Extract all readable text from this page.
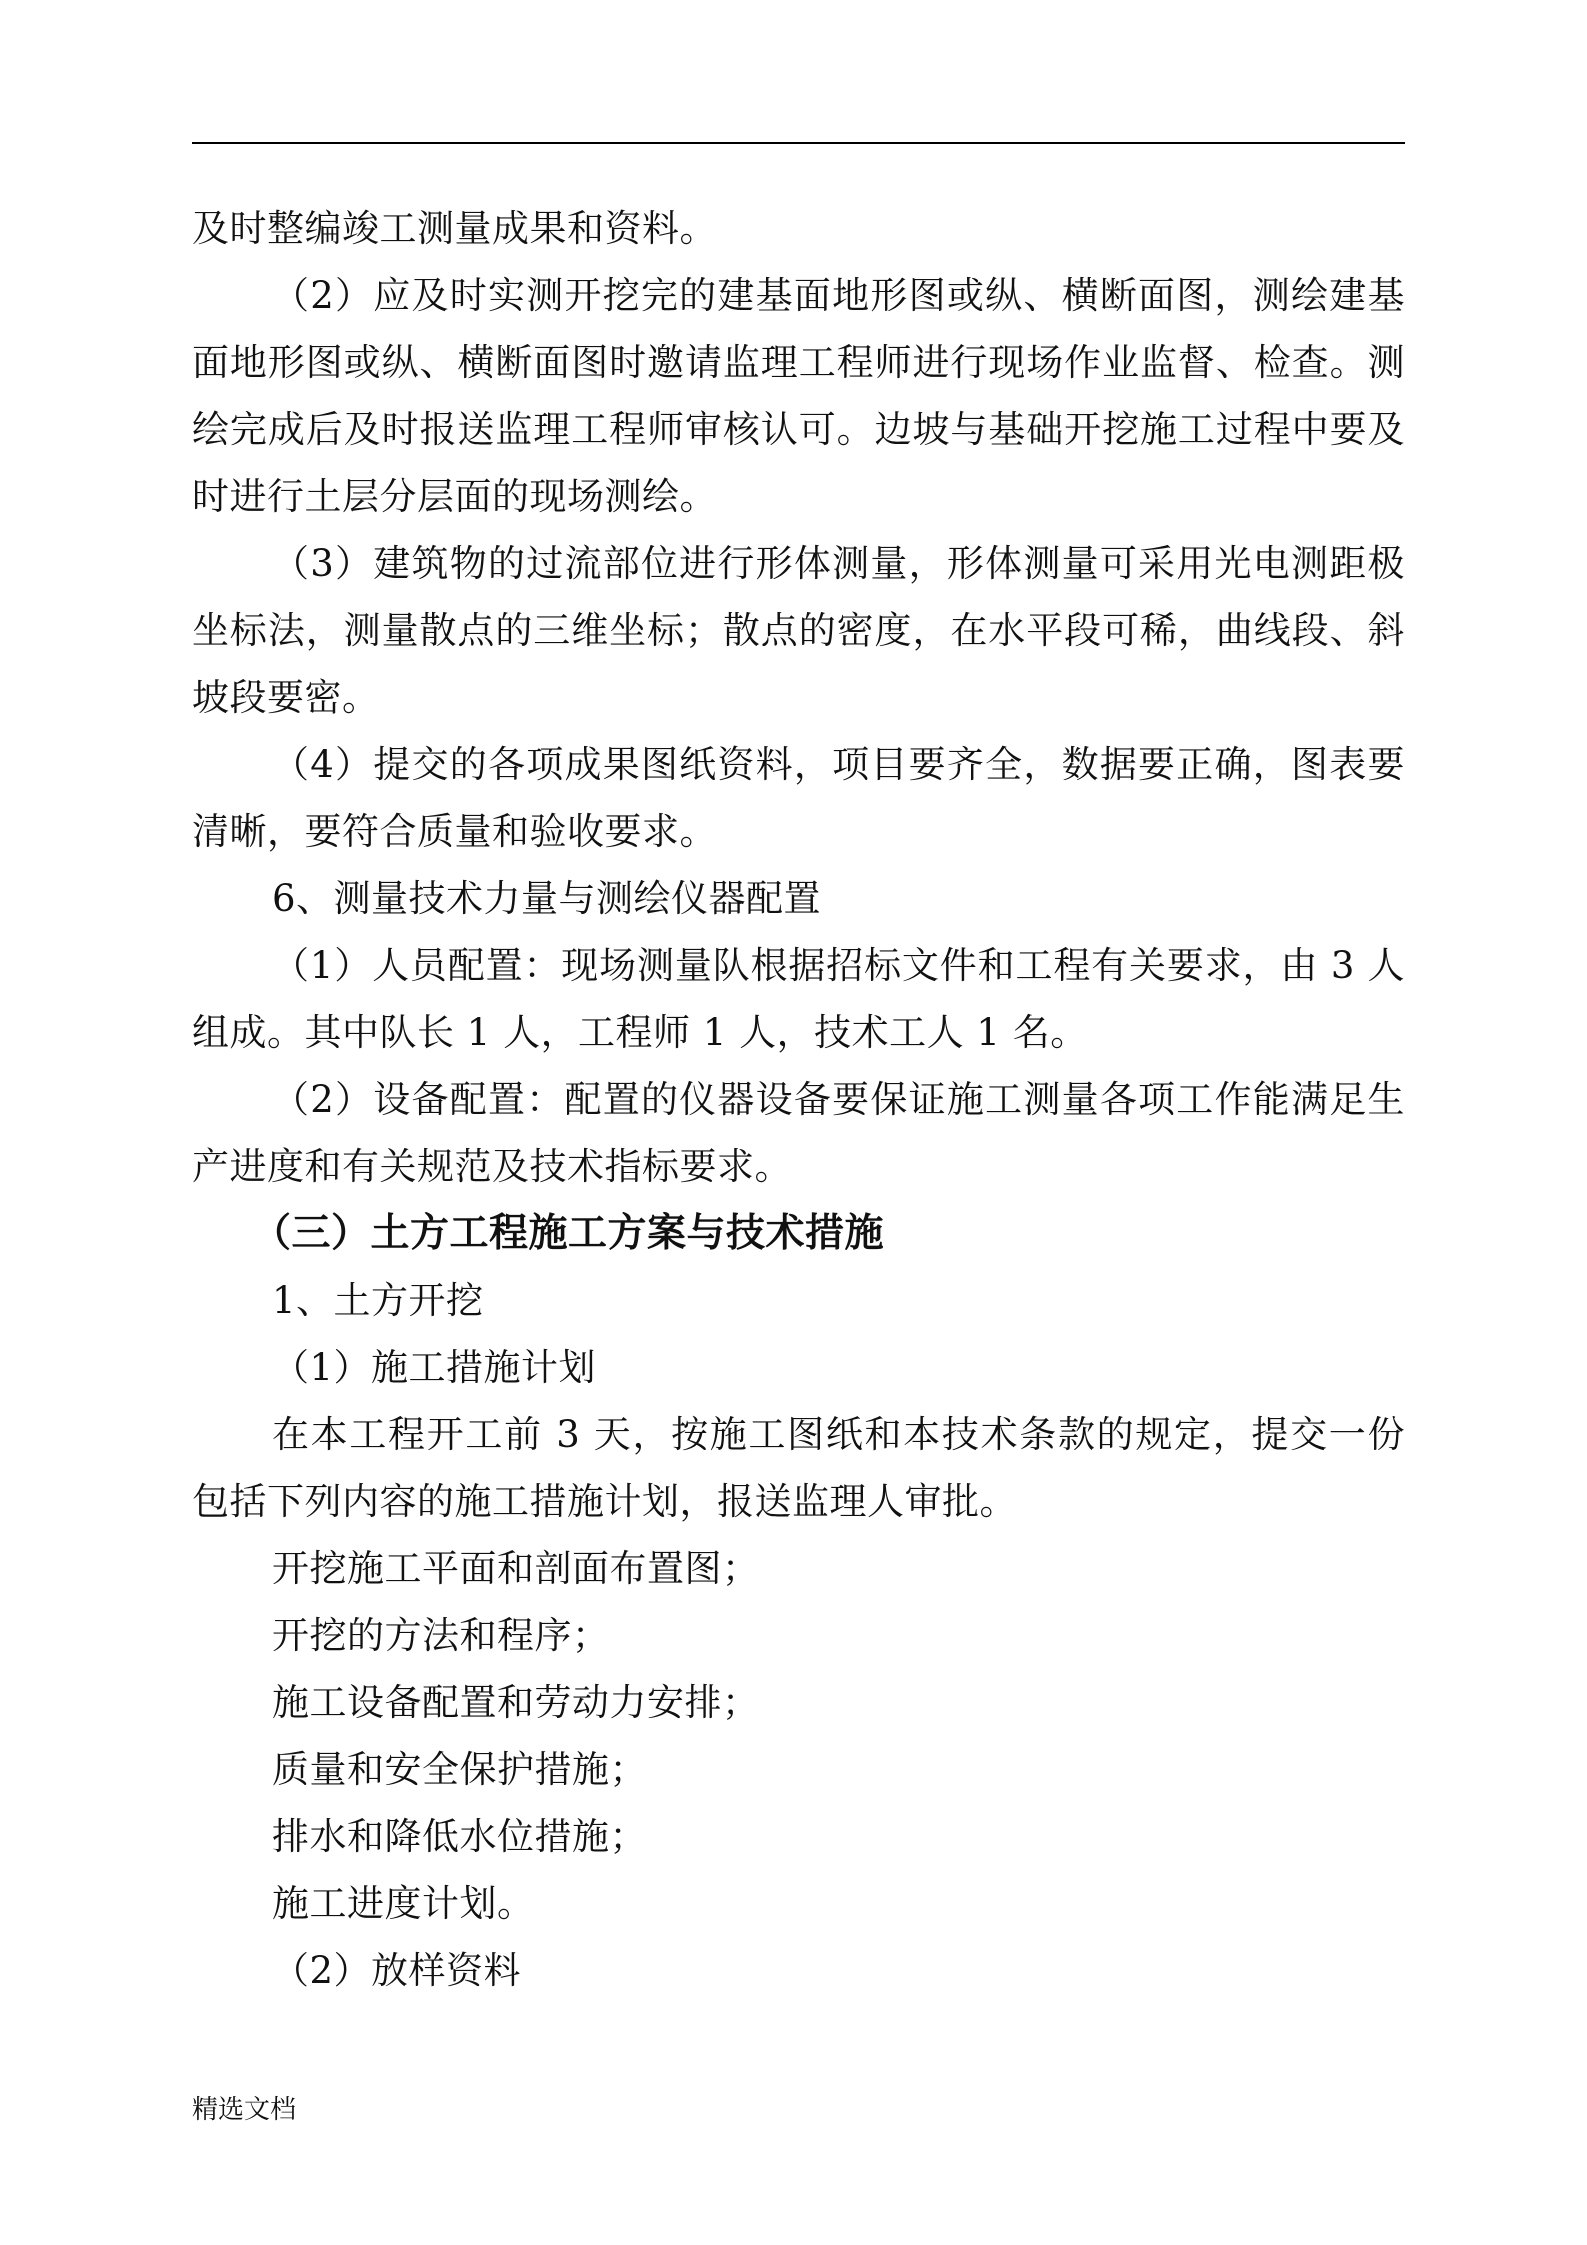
及时整编竣工测量成果和资料。

（2）应及时实测开挖完的建基面地形图或纵、横断面图，测绘建基面地形图或纵、横断面图时邀请监理工程师进行现场作业监督、检查。测绘完成后及时报送监理工程师审核认可。边坡与基础开挖施工过程中要及时进行土层分层面的现场测绘。

（3）建筑物的过流部位进行形体测量，形体测量可采用光电测距极坐标法，测量散点的三维坐标；散点的密度，在水平段可稀，曲线段、斜坡段要密。

（4）提交的各项成果图纸资料，项目要齐全，数据要正确，图表要清晰，要符合质量和验收要求。

6、测量技术力量与测绘仪器配置

（1）人员配置：现场测量队根据招标文件和工程有关要求，由 3 人组成。其中队长 1 人，工程师 1 人，技术工人 1 名。

（2）设备配置：配置的仪器设备要保证施工测量各项工作能满足生产进度和有关规范及技术指标要求。

（三）土方工程施工方案与技术措施

1、土方开挖

（1）施工措施计划

在本工程开工前 3 天，按施工图纸和本技术条款的规定，提交一份包括下列内容的施工措施计划，报送监理人审批。

开挖施工平面和剖面布置图；

开挖的方法和程序；

施工设备配置和劳动力安排；

质量和安全保护措施；

排水和降低水位措施；

施工进度计划。

（2）放样资料

精选文档
